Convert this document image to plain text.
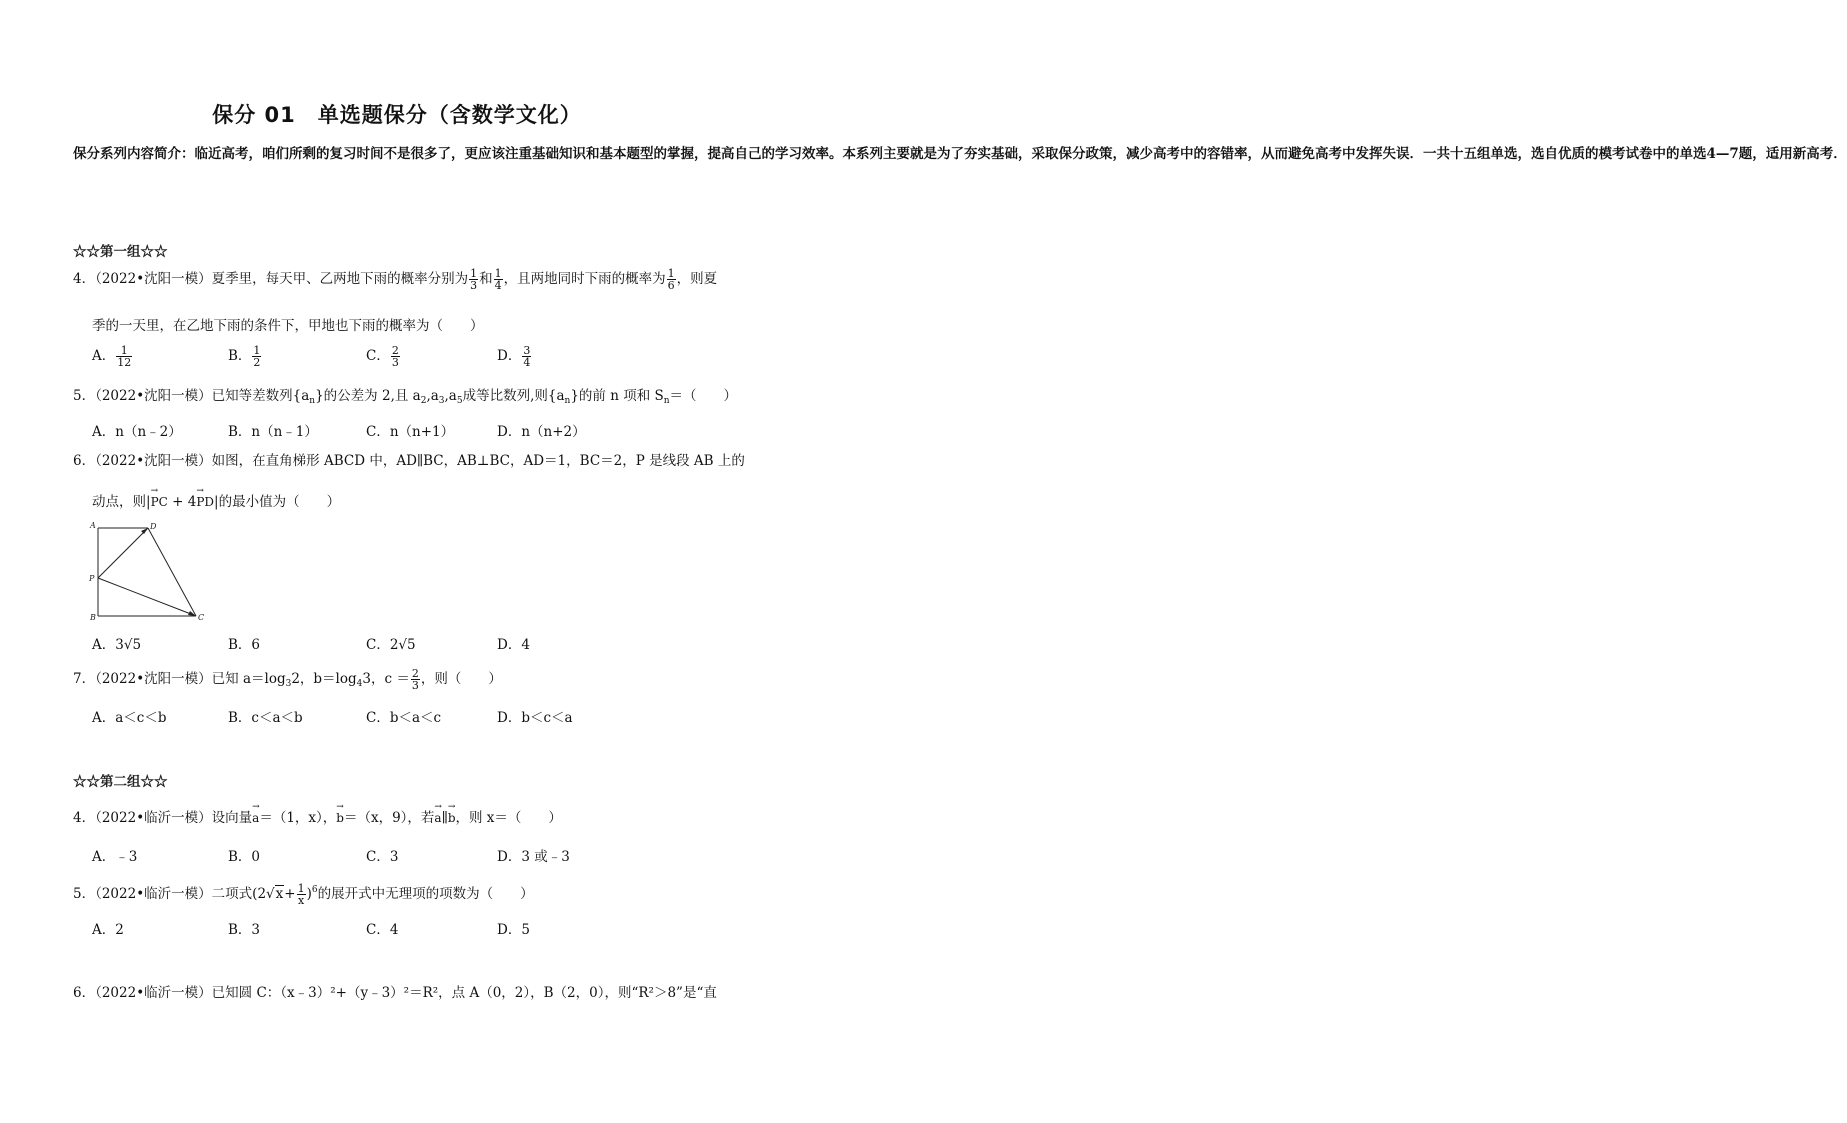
保分 01　单选题保分（含数学文化）
保分系列内容简介：临近高考，咱们所剩的复习时间不是很多了，更应该注重基础知识和基本题型的掌握，提高自己的学习效率。本系列主要就是为了夯实基础，采取保分政策，减少高考中的容错率，从而避免高考中发挥失误．一共十五组单选，选自优质的模考试卷中的单选4—7题，适用新高考．
☆☆第一组☆☆
4．（2022•沈阳一模）夏季里，每天甲、乙两地下雨的概率分别为 $\frac{1}{3}$ 和 $\frac{1}{4}$ ，且两地同时下雨的概率为 $\frac{1}{6}$ ，则夏
季的一天里，在乙地下雨的条件下，甲地也下雨的概率为（　　）
A． $\frac{1}{12}$	B． $\frac{1}{2}$	C． $\frac{2}{3}$	D． $\frac{3}{4}$
5．（2022•沈阳一模）已知等差数列$\{a_n\}$的公差为 2,且 $a_2,a_3,a_5$成等比数列,则$\{a_n\}$的前 n 项和 $S_n=$（　　）
A．n（n﹣2）	B．n（n﹣1）	C．n（n+1）	D．n（n+2）
6．（2022•沈阳一模）如图，在直角梯形 ABCD 中，AD∥BC，AB⊥BC，AD＝1，BC＝2，P 是线段 AB 上的
动点，则|→ PC + 4→ PD|的最小值为（　　）
A	D
P
B	C
A．3√5	B．6	C．2√5	D．4
7．（2022•沈阳一模）已知 $a=\log_32$，$b=\log_43$，$c = \frac{2}{3}$ ，则（　　）
A．a＜c＜b	B．c＜a＜b	C．b＜a＜c	D．b＜c＜a
☆☆第二组☆☆
4．（2022•临沂一模）设向量→ a＝（1，x），→ b＝（x，9），若→ a∥→ b，则 x＝（　　）
A．﹣3	B．0	C．3	D．3 或﹣3
5．（2022•临沂一模）二项式$(2√x+ \frac{1}{x} )^6$的展开式中无理项的项数为（　　）
A．2	B．3	C．4	D．5
6．（2022•临沂一模）已知圆 C：（x﹣3）²+（y﹣3）²＝R²，点 A（0，2），B（2，0），则“R²＞8”是“直
